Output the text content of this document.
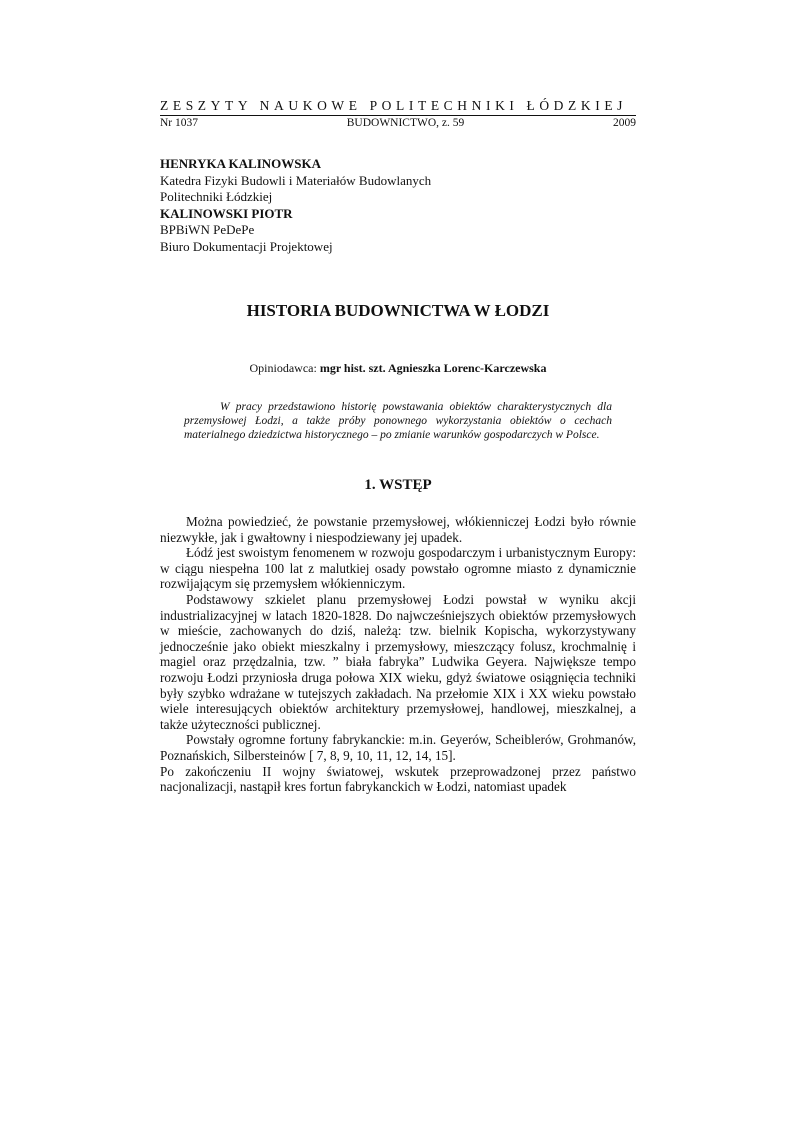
ZESZYTY NAUKOWE POLITECHNIKI ŁÓDZKIEJ

Nr 1037	BUDOWNICTWO, z. 59	2009
HENRYKA KALINOWSKA
Katedra Fizyki Budowli i Materiałów Budowlanych
Politechniki Łódzkiej
KALINOWSKI PIOTR
BPBiWN PeDePe
Biuro Dokumentacji Projektowej
HISTORIA BUDOWNICTWA W ŁODZI
Opiniodawca: mgr hist. szt. Agnieszka Lorenc-Karczewska
W pracy przedstawiono historię powstawania obiektów charakterystycznych dla przemysłowej Łodzi, a także próby ponownego wykorzystania obiektów o cechach materialnego dziedzictwa historycznego – po zmianie warunków gospodarczych w Polsce.
1. WSTĘP

Można powiedzieć, że powstanie przemysłowej, włókienniczej Łodzi było równie niezwykłe, jak i gwałtowny i niespodziewany jej upadek.

Łódź jest swoistym fenomenem w rozwoju gospodarczym i urbanistycznym Europy: w ciągu niespełna 100 lat z malutkiej osady powstało ogromne miasto z dynamicznie rozwijającym się przemysłem włókienniczym.

Podstawowy szkielet planu przemysłowej Łodzi powstał w wyniku akcji industrializacyjnej w latach 1820-1828. Do najwcześniejszych obiektów przemysłowych w mieście, zachowanych do dziś, należą: tzw. bielnik Kopischa, wykorzystywany jednocześnie jako obiekt mieszkalny i przemysłowy, mieszczący folusz, krochmalnię i magiel oraz przędzalnia, tzw. ” biała fabryka” Ludwika Geyera. Największe tempo rozwoju Łodzi przyniosła druga połowa XIX wieku, gdyż światowe osiągnięcia techniki były szybko wdrażane w tutejszych zakładach. Na przełomie XIX i XX wieku powstało wiele interesujących obiektów architektury przemysłowej, handlowej, mieszkalnej, a także użyteczności publicznej.

Powstały ogromne fortuny fabrykanckie: m.in. Geyerów, Scheiblerów, Grohmanów, Poznańskich, Silbersteinów [ 7, 8, 9, 10, 11, 12, 14, 15].

Po zakończeniu II wojny światowej, wskutek przeprowadzonej przez państwo nacjonalizacji, nastąpił kres fortun fabrykanckich w Łodzi, natomiast upadek
